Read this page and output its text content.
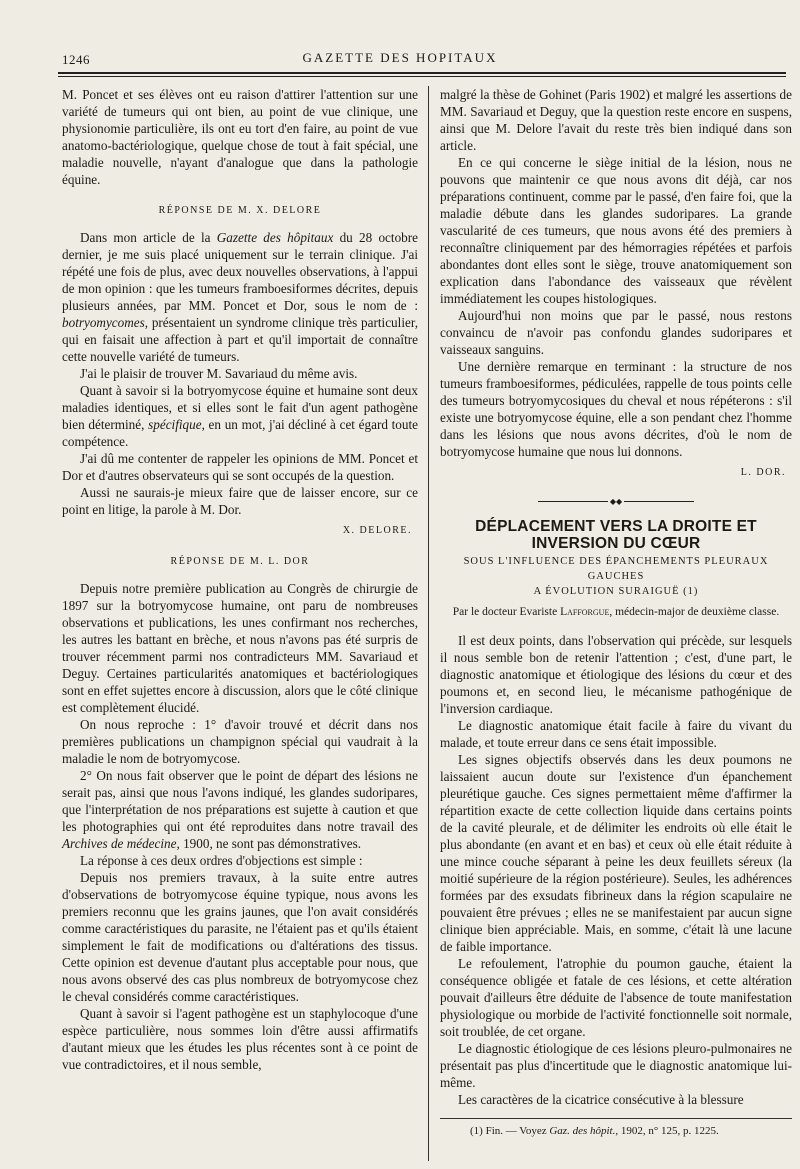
1246	GAZETTE DES HOPITAUX

M. Poncet et ses élèves ont eu raison d'attirer l'attention sur une variété de tumeurs qui ont bien, au point de vue clinique, une physionomie particulière, ils ont eu tort d'en faire, au point de vue anatomo-bactériologique, quelque chose de tout à fait spécial, une maladie nouvelle, n'ayant d'analogue que dans la pathologie équine.

RÉPONSE DE M. X. DELORE

Dans mon article de la Gazette des hôpitaux du 28 octobre dernier, je me suis placé uniquement sur le terrain clinique. J'ai répété une fois de plus, avec deux nouvelles observations, à l'appui de mon opinion : que les tumeurs framboesiformes décrites, depuis plusieurs années, par MM. Poncet et Dor, sous le nom de : botryomycomes, présentaient un syndrome clinique très particulier, qui en faisait une affection à part et qu'il importait de connaître cette nouvelle variété de tumeurs.

J'ai le plaisir de trouver M. Savariaud du même avis.

Quant à savoir si la botryomycose équine et humaine sont deux maladies identiques, et si elles sont le fait d'un agent pathogène bien déterminé, spécifique, en un mot, j'ai décliné à cet égard toute compétence.

J'ai dû me contenter de rappeler les opinions de MM. Poncet et Dor et d'autres observateurs qui se sont occupés de la question.

Aussi ne saurais-je mieux faire que de laisser encore, sur ce point en litige, la parole à M. Dor.

X. DELORE.
RÉPONSE DE M. L. DOR

Depuis notre première publication au Congrès de chirurgie de 1897 sur la botryomycose humaine, ont paru de nombreuses observations et publications, les unes confirmant nos recherches, les autres les battant en brèche, et nous n'avons pas été surpris de trouver récemment parmi nos contradicteurs MM. Savariaud et Deguy. Certaines particularités anatomiques et bactériologiques sont en effet sujettes encore à discussion, alors que le côté clinique est complètement élucidé.

On nous reproche : 1° d'avoir trouvé et décrit dans nos premières publications un champignon spécial qui vaudrait à la maladie le nom de botryomycose.

2° On nous fait observer que le point de départ des lésions ne serait pas, ainsi que nous l'avons indiqué, les glandes sudoripares, que l'interprétation de nos préparations est sujette à caution et que les photographies qui ont été reproduites dans notre travail des Archives de médecine, 1900, ne sont pas démonstratives.

La réponse à ces deux ordres d'objections est simple :

Depuis nos premiers travaux, à la suite entre autres d'observations de botryomycose équine typique, nous avons les premiers reconnu que les grains jaunes, que l'on avait considérés comme caractéristiques du parasite, ne l'étaient pas et qu'ils étaient simplement le fait de modifications ou d'altérations des tissus. Cette opinion est devenue d'autant plus acceptable pour nous, que nous avons observé des cas plus nombreux de botryomycose chez le cheval considérés comme caractéristiques.

Quant à savoir si l'agent pathogène est un staphylocoque d'une espèce particulière, nous sommes loin d'être aussi affirmatifs d'autant mieux que les études les plus récentes sont à ce point de vue contradictoires, et il nous semble,

malgré la thèse de Gohinet (Paris 1902) et malgré les assertions de MM. Savariaud et Deguy, que la question reste encore en suspens, ainsi que M. Delore l'avait du reste très bien indiqué dans son article.

En ce qui concerne le siège initial de la lésion, nous ne pouvons que maintenir ce que nous avons dit déjà, car nos préparations continuent, comme par le passé, d'en faire foi, que la maladie débute dans les glandes sudoripares. La grande vascularité de ces tumeurs, que nous avons été des premiers à reconnaître cliniquement par des hémorragies répétées et parfois abondantes dont elles sont le siège, trouve anatomiquement son explication dans l'abondance des vaisseaux que révèlent immédiatement les coupes histologiques.

Aujourd'hui non moins que par le passé, nous restons convaincu de n'avoir pas confondu glandes sudoripares et vaisseaux sanguins.

Une dernière remarque en terminant : la structure de nos tumeurs framboesiformes, pédiculées, rappelle de tous points celle des tumeurs botryomycosiques du cheval et nous répéterons : s'il existe une botryomycose équine, elle a son pendant chez l'homme dans les lésions que nous avons décrites, d'où le nom de botryomycose humaine que nous lui donnons.

L. DOR.
◆◆
DÉPLACEMENT VERS LA DROITE ET INVERSION DU CŒUR
SOUS L'INFLUENCE DES ÉPANCHEMENTS PLEURAUX GAUCHES
A ÉVOLUTION SURAIGUË (1)
Par le docteur Evariste Lafforgue, médecin-major de deuxième classe.

Il est deux points, dans l'observation qui précède, sur lesquels il nous semble bon de retenir l'attention ; c'est, d'une part, le diagnostic anatomique et étiologique des lésions du cœur et des poumons et, en second lieu, le mécanisme pathogénique de l'inversion cardiaque.

Le diagnostic anatomique était facile à faire du vivant du malade, et toute erreur dans ce sens était impossible.

Les signes objectifs observés dans les deux poumons ne laissaient aucun doute sur l'existence d'un épanchement pleurétique gauche. Ces signes permettaient même d'affirmer la répartition exacte de cette collection liquide dans certains points de la cavité pleurale, et de délimiter les endroits où elle était le plus abondante (en avant et en bas) et ceux où elle était réduite à une mince couche séparant à peine les deux feuillets séreux (la moitié supérieure de la région postérieure). Seules, les adhérences formées par des exsudats fibrineux dans la région scapulaire ne pouvaient être prévues ; elles ne se manifestaient par aucun signe clinique bien appréciable. Mais, en somme, c'était là une lacune de faible importance.

Le refoulement, l'atrophie du poumon gauche, étaient la conséquence obligée et fatale de ces lésions, et cette altération pouvait d'ailleurs être déduite de l'absence de toute manifestation physiologique ou morbide de l'activité fonctionnelle soit normale, soit troublée, de cet organe.

Le diagnostic étiologique de ces lésions pleuro-pulmonaires ne présentait pas plus d'incertitude que le diagnostic anatomique lui-même.

Les caractères de la cicatrice consécutive à la blessure

(1) Fin. — Voyez Gaz. des hôpit., 1902, n° 125, p. 1225.
